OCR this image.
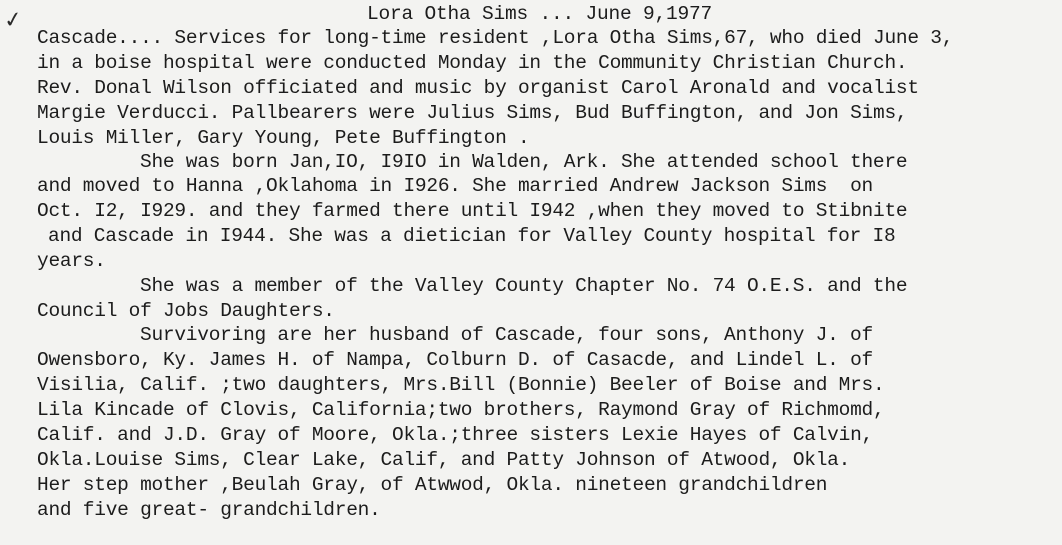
✓	Lora Otha Sims ... June 9,1977
Cascade.... Services for long-time resident ,Lora Otha Sims,67, who died June 3,
in a boise hospital were conducted Monday in the Community Christian Church.
Rev. Donal Wilson officiated and music by organist Carol Aronald and vocalist
Margie Verducci. Pallbearers were Julius Sims, Bud Buffington, and Jon Sims,
Louis Miller, Gary Young, Pete Buffington .
She was born Jan,IO, I9IO in Walden, Ark. She attended school there
and moved to Hanna ,Oklahoma in I926. She married Andrew Jackson Sims  on
Oct. I2, I929. and they farmed there until I942 ,when they moved to Stibnite
and Cascade in I944. She was a dietician for Valley County hospital for I8
years.
She was a member of the Valley County Chapter No. 74 O.E.S. and the
Council of Jobs Daughters.
Survivoring are her husband of Cascade, four sons, Anthony J. of
Owensboro, Ky. James H. of Nampa, Colburn D. of Casacde, and Lindel L. of
Visilia, Calif. ;two daughters, Mrs.Bill (Bonnie) Beeler of Boise and Mrs.
Lila Kincade of Clovis, California;two brothers, Raymond Gray of Richmomd,
Calif. and J.D. Gray of Moore, Okla.;three sisters Lexie Hayes of Calvin,
Okla.Louise Sims, Clear Lake, Calif, and Patty Johnson of Atwood, Okla.
Her step mother ,Beulah Gray, of Atwwod, Okla. nineteen grandchildren
and five great- grandchildren.
